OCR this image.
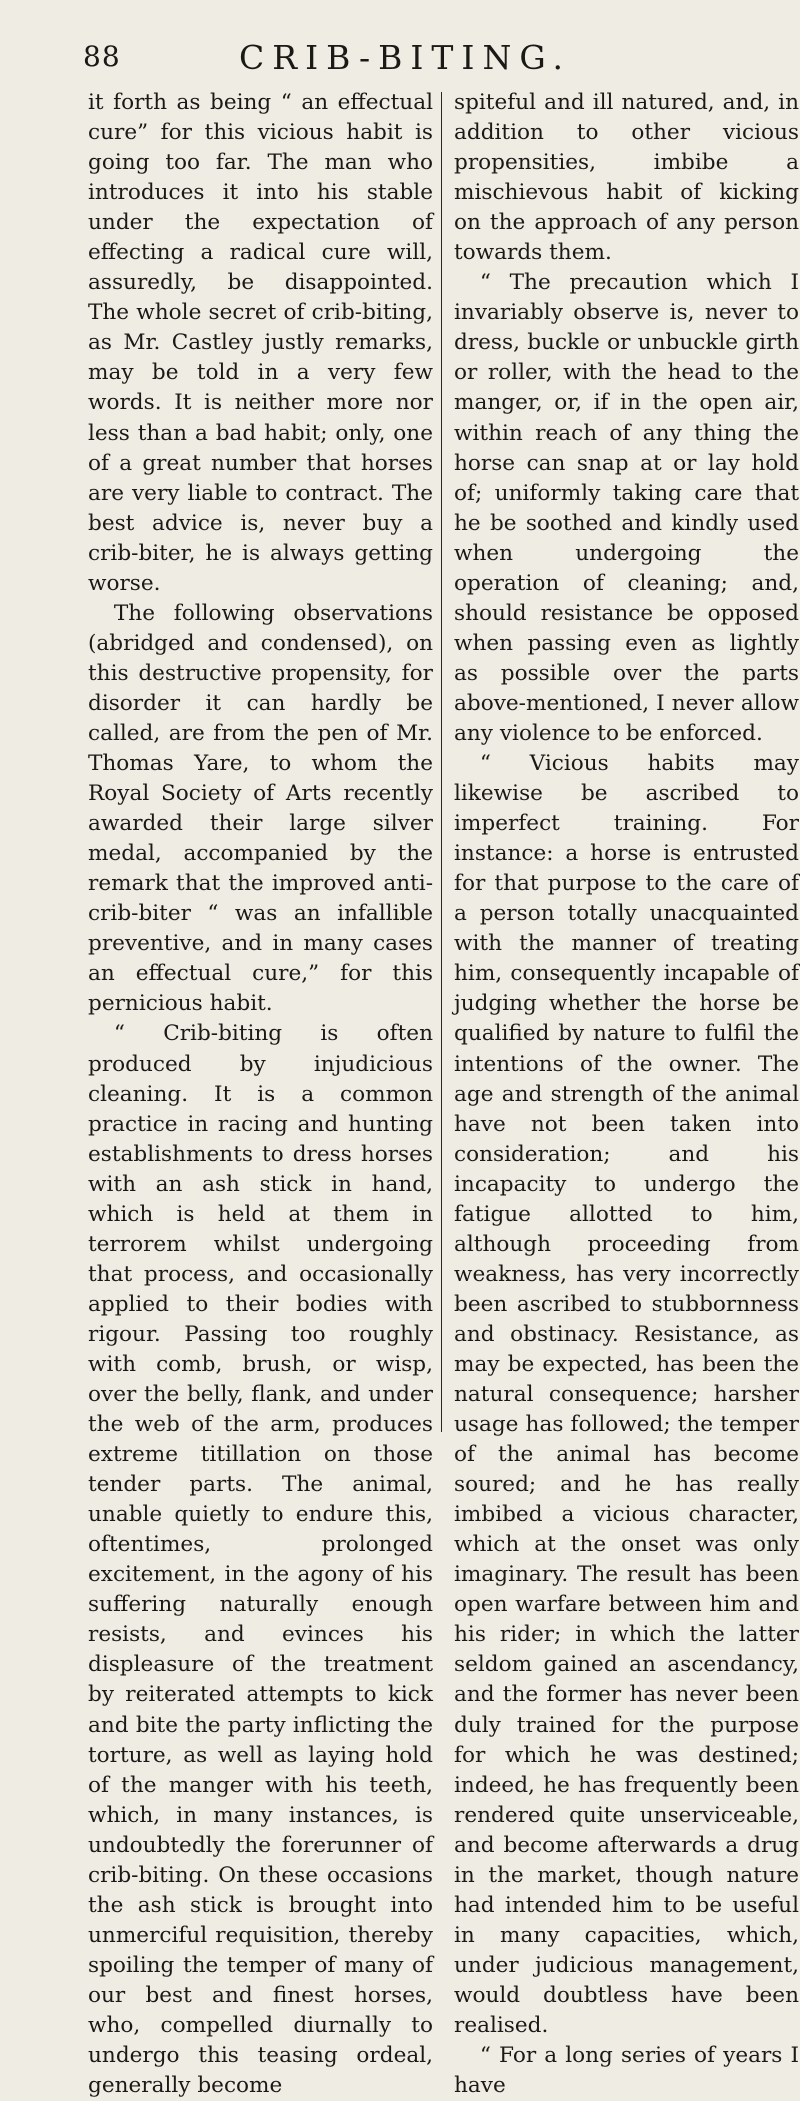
88	CRIB-BITING.

it forth as being “ an effectual cure” for this vicious habit is going too far. The man who introduces it into his stable under the expectation of effecting a radical cure will, assuredly, be disappointed. The whole secret of crib-biting, as Mr. Castley justly remarks, may be told in a very few words. It is neither more nor less than a bad habit; only, one of a great number that horses are very liable to contract. The best advice is, never buy a crib-biter, he is always getting worse.

The following observations (abridged and condensed), on this destructive propensity, for disorder it can hardly be called, are from the pen of Mr. Thomas Yare, to whom the Royal Society of Arts recently awarded their large silver medal, accompanied by the remark that the improved anti-crib-biter “ was an infallible preventive, and in many cases an effectual cure,” for this pernicious habit.

“ Crib-biting is often produced by injudicious cleaning. It is a common practice in racing and hunting establishments to dress horses with an ash stick in hand, which is held at them in terrorem whilst undergoing that process, and occasionally applied to their bodies with rigour. Passing too roughly with comb, brush, or wisp, over the belly, flank, and under the web of the arm, produces extreme titillation on those tender parts. The animal, unable quietly to endure this, oftentimes, prolonged excitement, in the agony of his suffering naturally enough resists, and evinces his displeasure of the treatment by reiterated attempts to kick and bite the party inflicting the torture, as well as laying hold of the manger with his teeth, which, in many instances, is undoubtedly the forerunner of crib-biting. On these occasions the ash stick is brought into unmerciful requisition, thereby spoiling the temper of many of our best and finest horses, who, compelled diurnally to undergo this teasing ordeal, generally become

spiteful and ill natured, and, in addition to other vicious propensities, imbibe a mischievous habit of kicking on the approach of any person towards them.

“ The precaution which I invariably observe is, never to dress, buckle or unbuckle girth or roller, with the head to the manger, or, if in the open air, within reach of any thing the horse can snap at or lay hold of; uniformly taking care that he be soothed and kindly used when undergoing the operation of cleaning; and, should resistance be opposed when passing even as lightly as possible over the parts above-mentioned, I never allow any violence to be enforced.

“ Vicious habits may likewise be ascribed to imperfect training. For instance: a horse is entrusted for that purpose to the care of a person totally unacquainted with the manner of treating him, consequently incapable of judging whether the horse be qualified by nature to fulfil the intentions of the owner. The age and strength of the animal have not been taken into consideration; and his incapacity to undergo the fatigue allotted to him, although proceeding from weakness, has very incorrectly been ascribed to stubbornness and obstinacy. Resistance, as may be expected, has been the natural consequence; harsher usage has followed; the temper of the animal has become soured; and he has really imbibed a vicious character, which at the onset was only imaginary. The result has been open warfare between him and his rider; in which the latter seldom gained an ascendancy, and the former has never been duly trained for the purpose for which he was destined; indeed, he has frequently been rendered quite unserviceable, and become afterwards a drug in the market, though nature had intended him to be useful in many capacities, which, under judicious management, would doubtless have been realised.

“ For a long series of years I have
